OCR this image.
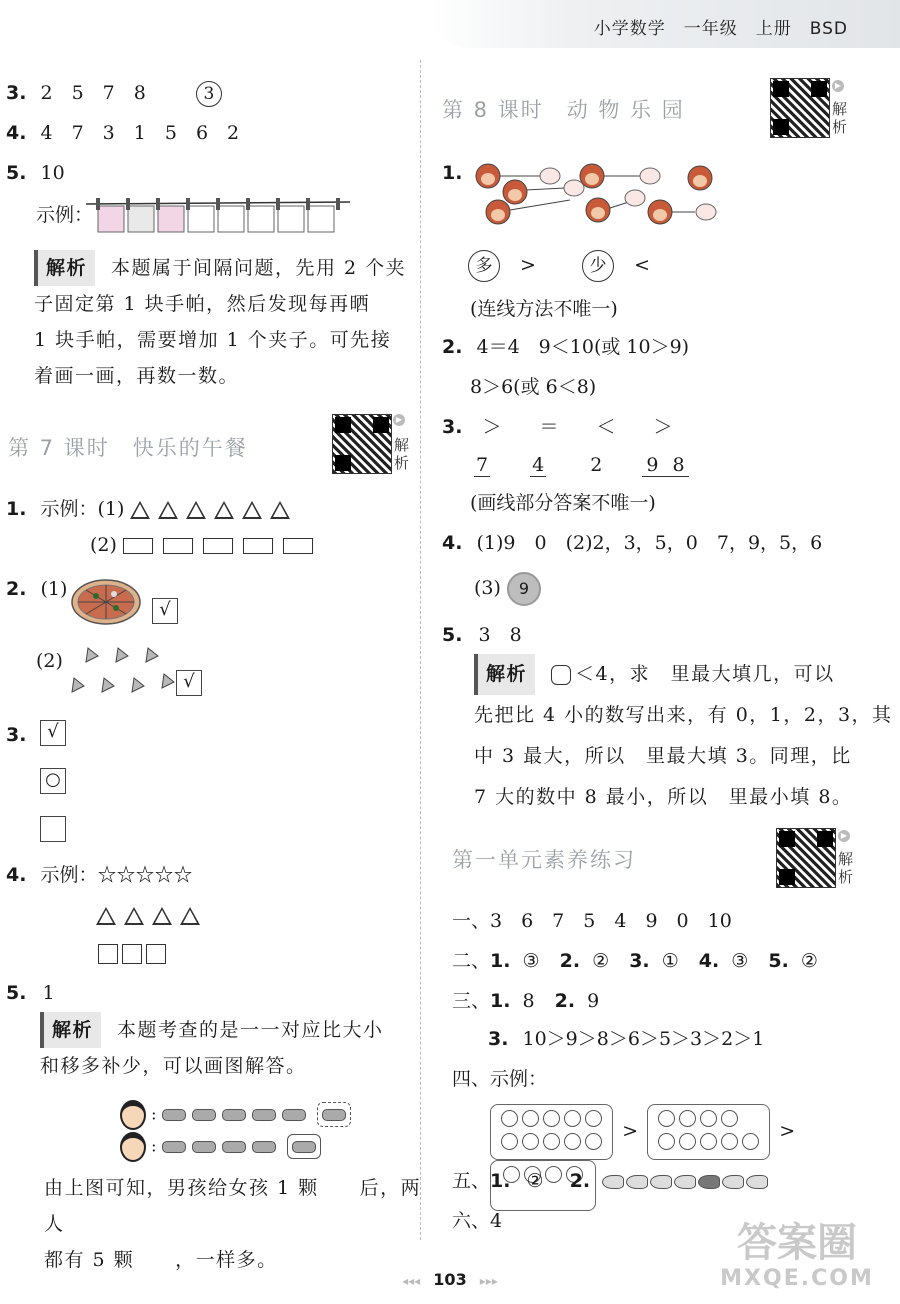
小学数学　一年级　上册　BSD
3. 2　5　7　8	3
4. 4　7　3　1　5　6　2
5. 10
示例：
解析 本题属于间隔问题，先用 2 个夹
子固定第 1 块手帕，然后发现每再晒
1 块手帕，需要增加 1 个夹子。可先接
着画一画，再数一数。
第 7 课时　快乐的午餐
▶
解析
1. 示例：(1)
(2)
2. (1)
√
(2)
√
3.	√
○
4. 示例：☆☆☆☆☆
5. 1
解析 本题考查的是一一对应比大小
和移多补少，可以画图解答。
:
:
由上图可知，男孩给女孩 1 颗　　后，两人
都有 5 颗　　，一样多。
第 8 课时　动 物 乐 园
▶
解析
1.
多 >	少 <
(连线方法不唯一)
2. 4＝4　9＜10(或 10＞9)
8＞6(或 6＜8)
3. ＞　　＝　　＜　　＞
7 4 2 9 8
(画线部分答案不唯一)
4. (1)9　0　(2)2，3，5，0　7，9，5，6
(3) 9
5. 3　8
解析	＜4，求　里最大填几，可以
先把比 4 小的数写出来，有 0，1，2，3，其
中 3 最大，所以　里最大填 3。同理，比
7 大的数中 8 最小，所以　里最小填 8。
第一单元素养练习
▶
解析
一、3　6　7　5　4　9　0　10
二、1. ③ 2. ② 3. ① 4. ③ 5. ②
三、1. 8 2. 9
3. 10＞9＞8＞6＞5＞3＞2＞1
四、示例：
>	>
五、1. ② 2.
六、4
◂◂◂ 103 ▸▸▸
答案圈
MXQE.COM
